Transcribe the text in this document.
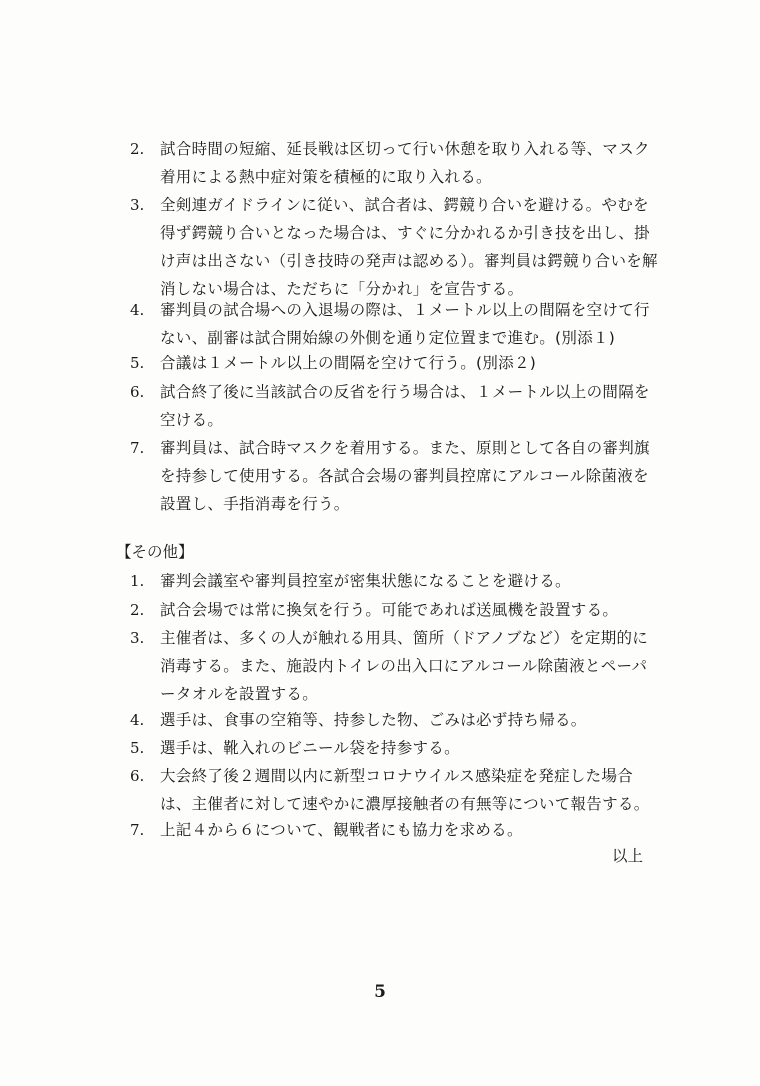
2. 試合時間の短縮、延長戦は区切って行い休憩を取り入れる等、マスク着用による熱中症対策を積極的に取り入れる。
3. 全剣連ガイドラインに従い、試合者は、鍔競り合いを避ける。やむを得ず鍔競り合いとなった場合は、すぐに分かれるか引き技を出し、掛け声は出さない（引き技時の発声は認める）。審判員は鍔競り合いを解消しない場合は、ただちに「分かれ」を宣告する。
4. 審判員の試合場への入退場の際は、１メートル以上の間隔を空けて行ない、副審は試合開始線の外側を通り定位置まで進む。(別添１)
5. 合議は１メートル以上の間隔を空けて行う。(別添２)
6. 試合終了後に当該試合の反省を行う場合は、１メートル以上の間隔を空ける。
7. 審判員は、試合時マスクを着用する。また、原則として各自の審判旗を持参して使用する。各試合会場の審判員控席にアルコール除菌液を設置し、手指消毒を行う。
【その他】
1. 審判会議室や審判員控室が密集状態になることを避ける。
2. 試合会場では常に換気を行う。可能であれば送風機を設置する。
3. 主催者は、多くの人が触れる用具、箇所（ドアノブなど）を定期的に消毒する。また、施設内トイレの出入口にアルコール除菌液とペーパータオルを設置する。
4. 選手は、食事の空箱等、持参した物、ごみは必ず持ち帰る。
5. 選手は、靴入れのビニール袋を持参する。
6. 大会終了後２週間以内に新型コロナウイルス感染症を発症した場合は、主催者に対して速やかに濃厚接触者の有無等について報告する。
7. 上記４から６について、観戦者にも協力を求める。
以上
5
